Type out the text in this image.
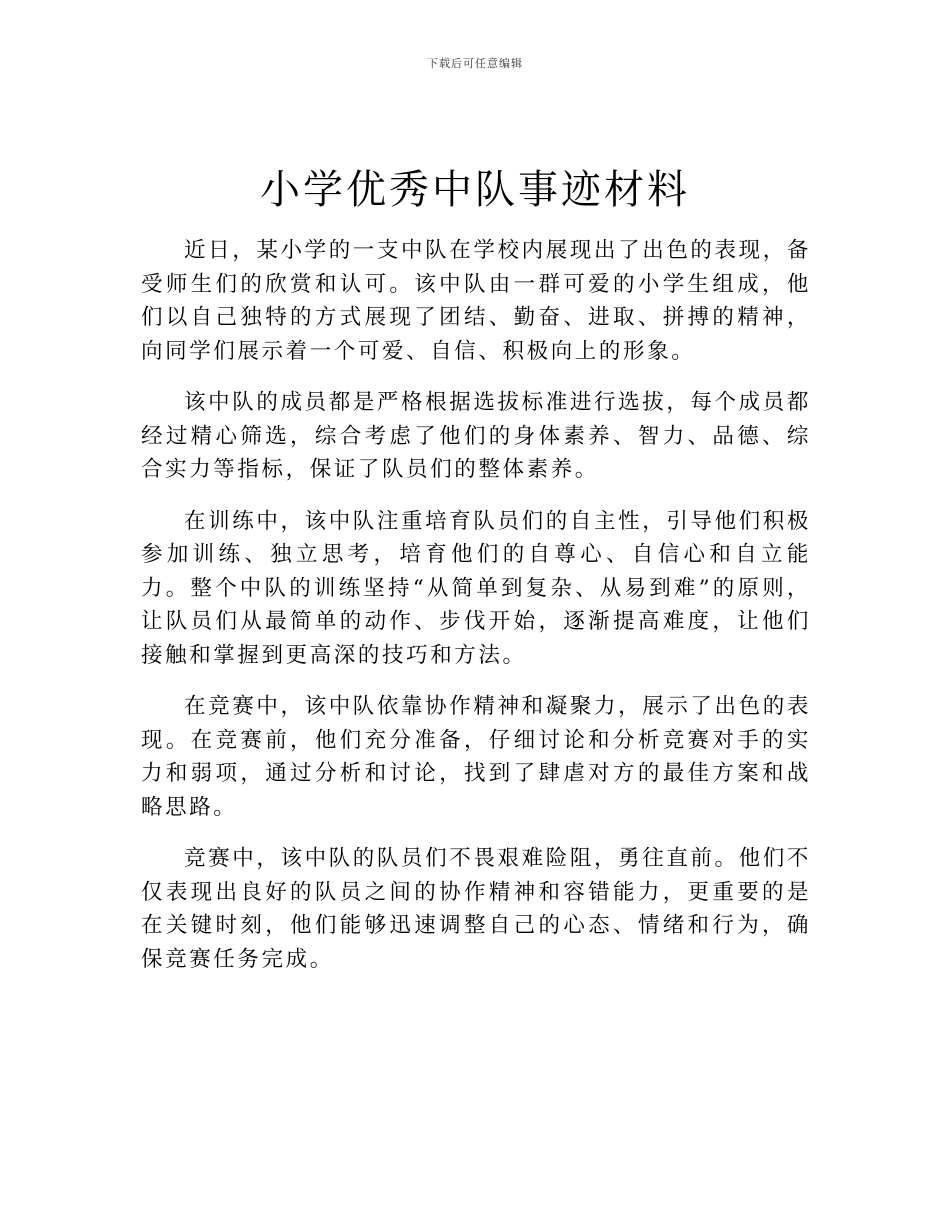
下载后可任意编辑
小学优秀中队事迹材料

近日，某小学的一支中队在学校内展现出了出色的表现，备受师生们的欣赏和认可。该中队由一群可爱的小学生组成，他们以自己独特的方式展现了团结、勤奋、进取、拼搏的精神，向同学们展示着一个可爱、自信、积极向上的形象。

该中队的成员都是严格根据选拔标准进行选拔，每个成员都经过精心筛选，综合考虑了他们的身体素养、智力、品德、综合实力等指标，保证了队员们的整体素养。

在训练中，该中队注重培育队员们的自主性，引导他们积极参加训练、独立思考，培育他们的自尊心、自信心和自立能力。整个中队的训练坚持“从简单到复杂、从易到难”的原则，让队员们从最简单的动作、步伐开始，逐渐提高难度，让他们接触和掌握到更高深的技巧和方法。

在竞赛中，该中队依靠协作精神和凝聚力，展示了出色的表现。在竞赛前，他们充分准备，仔细讨论和分析竞赛对手的实力和弱项，通过分析和讨论，找到了肆虐对方的最佳方案和战略思路。

竞赛中，该中队的队员们不畏艰难险阻，勇往直前。他们不仅表现出良好的队员之间的协作精神和容错能力，更重要的是在关键时刻，他们能够迅速调整自己的心态、情绪和行为，确保竞赛任务完成。
